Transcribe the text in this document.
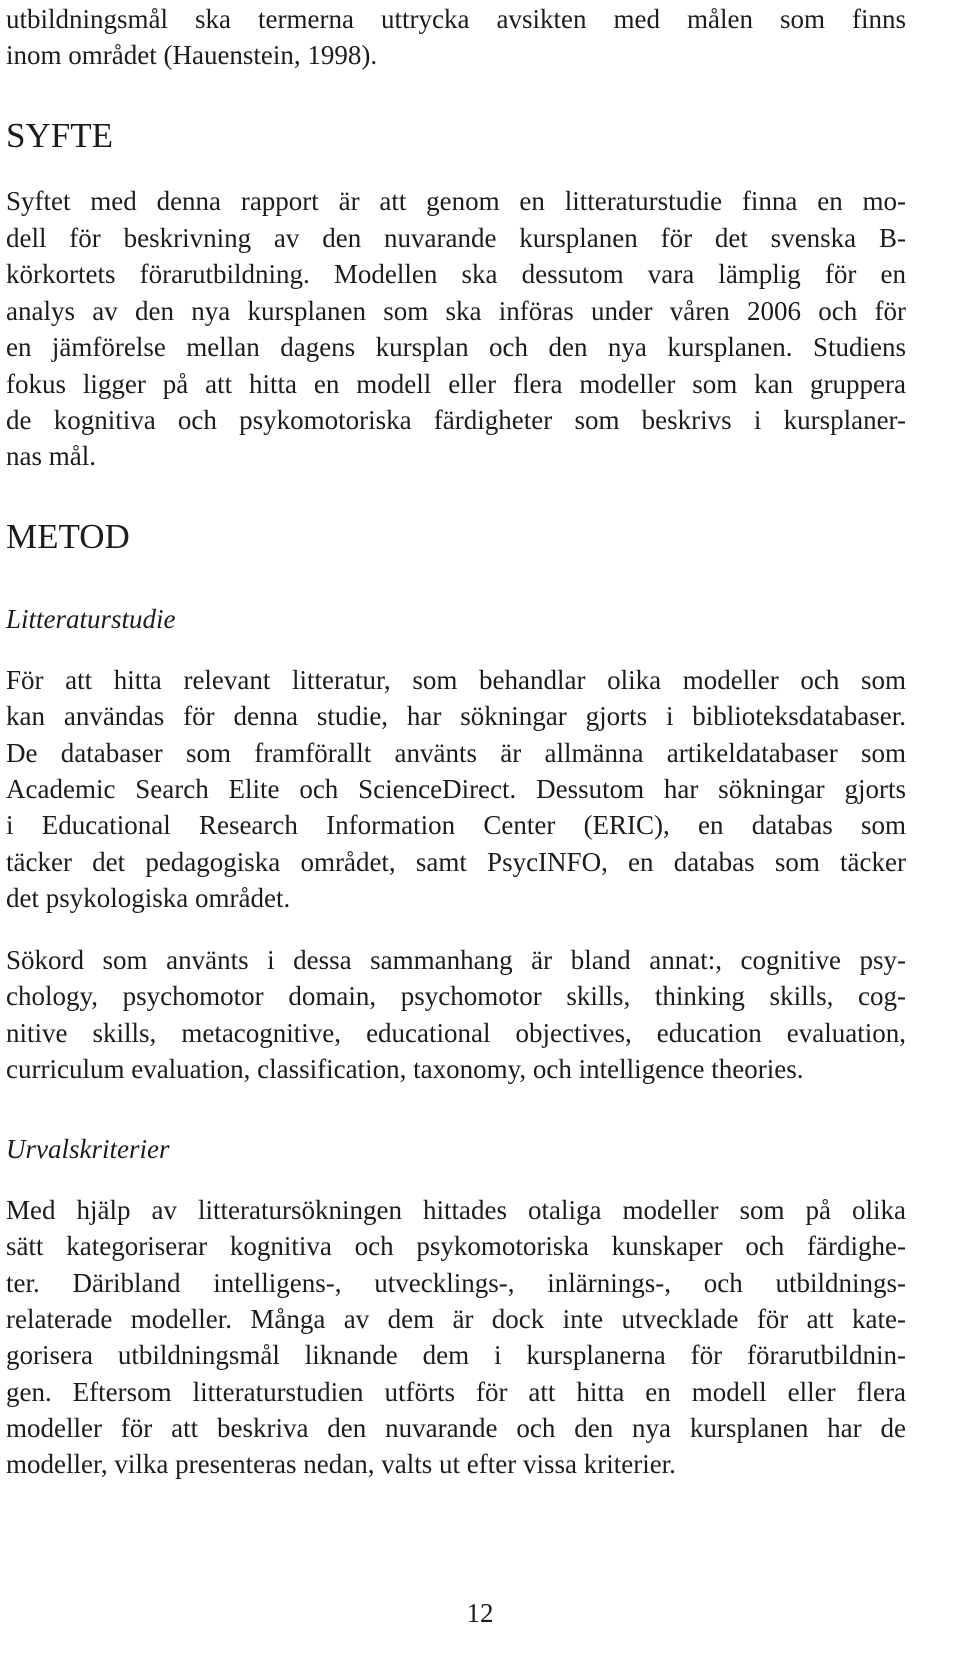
utbildningsmål ska termerna uttrycka avsikten med målen som finns
inom området (Hauenstein, 1998).
SYFTE
Syftet med denna rapport är att genom en litteraturstudie finna en mo-
dell för beskrivning av den nuvarande kursplanen för det svenska B-
körkortets förarutbildning. Modellen ska dessutom vara lämplig för en
analys av den nya kursplanen som ska införas under våren 2006 och för
en jämförelse mellan dagens kursplan och den nya kursplanen. Studiens
fokus ligger på att hitta en modell eller flera modeller som kan gruppera
de kognitiva och psykomotoriska färdigheter som beskrivs i kursplaner-
nas mål.
METOD
Litteraturstudie
För att hitta relevant litteratur, som behandlar olika modeller och som
kan användas för denna studie, har sökningar gjorts i biblioteksdatabaser.
De databaser som framförallt använts är allmänna artikeldatabaser som
Academic Search Elite och ScienceDirect. Dessutom har sökningar gjorts
i Educational Research Information Center (ERIC), en databas som
täcker det pedagogiska området, samt PsycINFO, en databas som täcker
det psykologiska området.
Sökord som använts i dessa sammanhang är bland annat:, cognitive psy-
chology, psychomotor domain, psychomotor skills, thinking skills, cog-
nitive skills, metacognitive, educational objectives, education evaluation,
curriculum evaluation, classification, taxonomy, och intelligence theories.
Urvalskriterier
Med hjälp av litteratursökningen hittades otaliga modeller som på olika
sätt kategoriserar kognitiva och psykomotoriska kunskaper och färdighe-
ter. Däribland intelligens-, utvecklings-, inlärnings-, och utbildnings-
relaterade modeller. Många av dem är dock inte utvecklade för att kate-
gorisera utbildningsmål liknande dem i kursplanerna för förarutbildnin-
gen. Eftersom litteraturstudien utförts för att hitta en modell eller flera
modeller för att beskriva den nuvarande och den nya kursplanen har de
modeller, vilka presenteras nedan, valts ut efter vissa kriterier.
12
